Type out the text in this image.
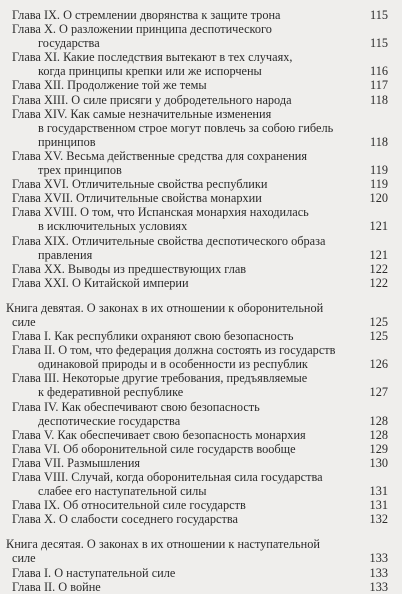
Глава IX. О стремлении дворянства к защите трона	115
Глава X. О разложении принципа деспотического
государства	115
Глава XI. Какие последствия вытекают в тех случаях,
когда принципы крепки или же испорчены	116
Глава XII. Продолжение той же темы	117
Глава XIII. О силе присяги у добродетельного народа	118
Глава XIV. Как самые незначительные изменения
в государственном строе могут повлечь за собою гибель
принципов	118
Глава XV. Весьма действенные средства для сохранения
трех принципов	119
Глава XVI. Отличительные свойства республики	119
Глава XVII. Отличительные свойства монархии	120
Глава XVIII. О том, что Испанская монархия находилась
в исключительных условиях	121
Глава XIX. Отличительные свойства деспотического образа
правления	121
Глава XX. Выводы из предшествующих глав	122
Глава XXI. О Китайской империи	122
Книга девятая. О законах в их отношении к оборонительной
силе	125
Глава I. Как республики охраняют свою безопасность	125
Глава II. О том, что федерация должна состоять из государств
одинаковой природы и в особенности из республик	126
Глава III. Некоторые другие требования, предъявляемые
к федеративной республике	127
Глава IV. Как обеспечивают свою безопасность
деспотические государства	128
Глава V. Как обеспечивает свою безопасность монархия	128
Глава VI. Об оборонительной силе государств вообще	129
Глава VII. Размышления	130
Глава VIII. Случай, когда оборонительная сила государства
слабее его наступательной силы	131
Глава IX. Об относительной силе государств	131
Глава X. О слабости соседнего государства	132
Книга десятая. О законах в их отношении к наступательной
силе	133
Глава I. О наступательной силе	133
Глава II. О войне	133
